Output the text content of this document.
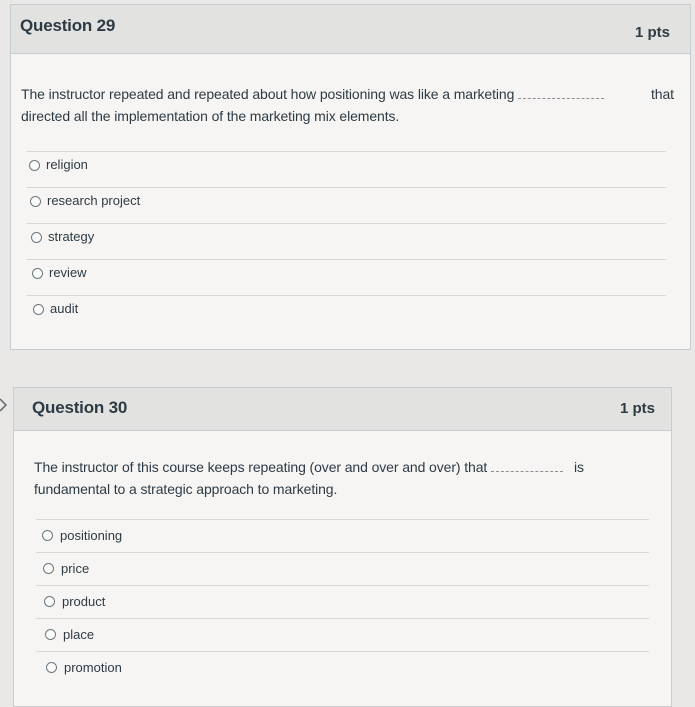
Question 29	1 pts
The instructor repeated and repeated about how positioning was like a marketing	that

directed all the implementation of the marketing mix elements.
religion
research project
strategy
review
audit
Question 30	1 pts
The instructor of this course keeps repeating (over and over and over) that	is

fundamental to a strategic approach to marketing.
positioning
price
product
place
promotion
